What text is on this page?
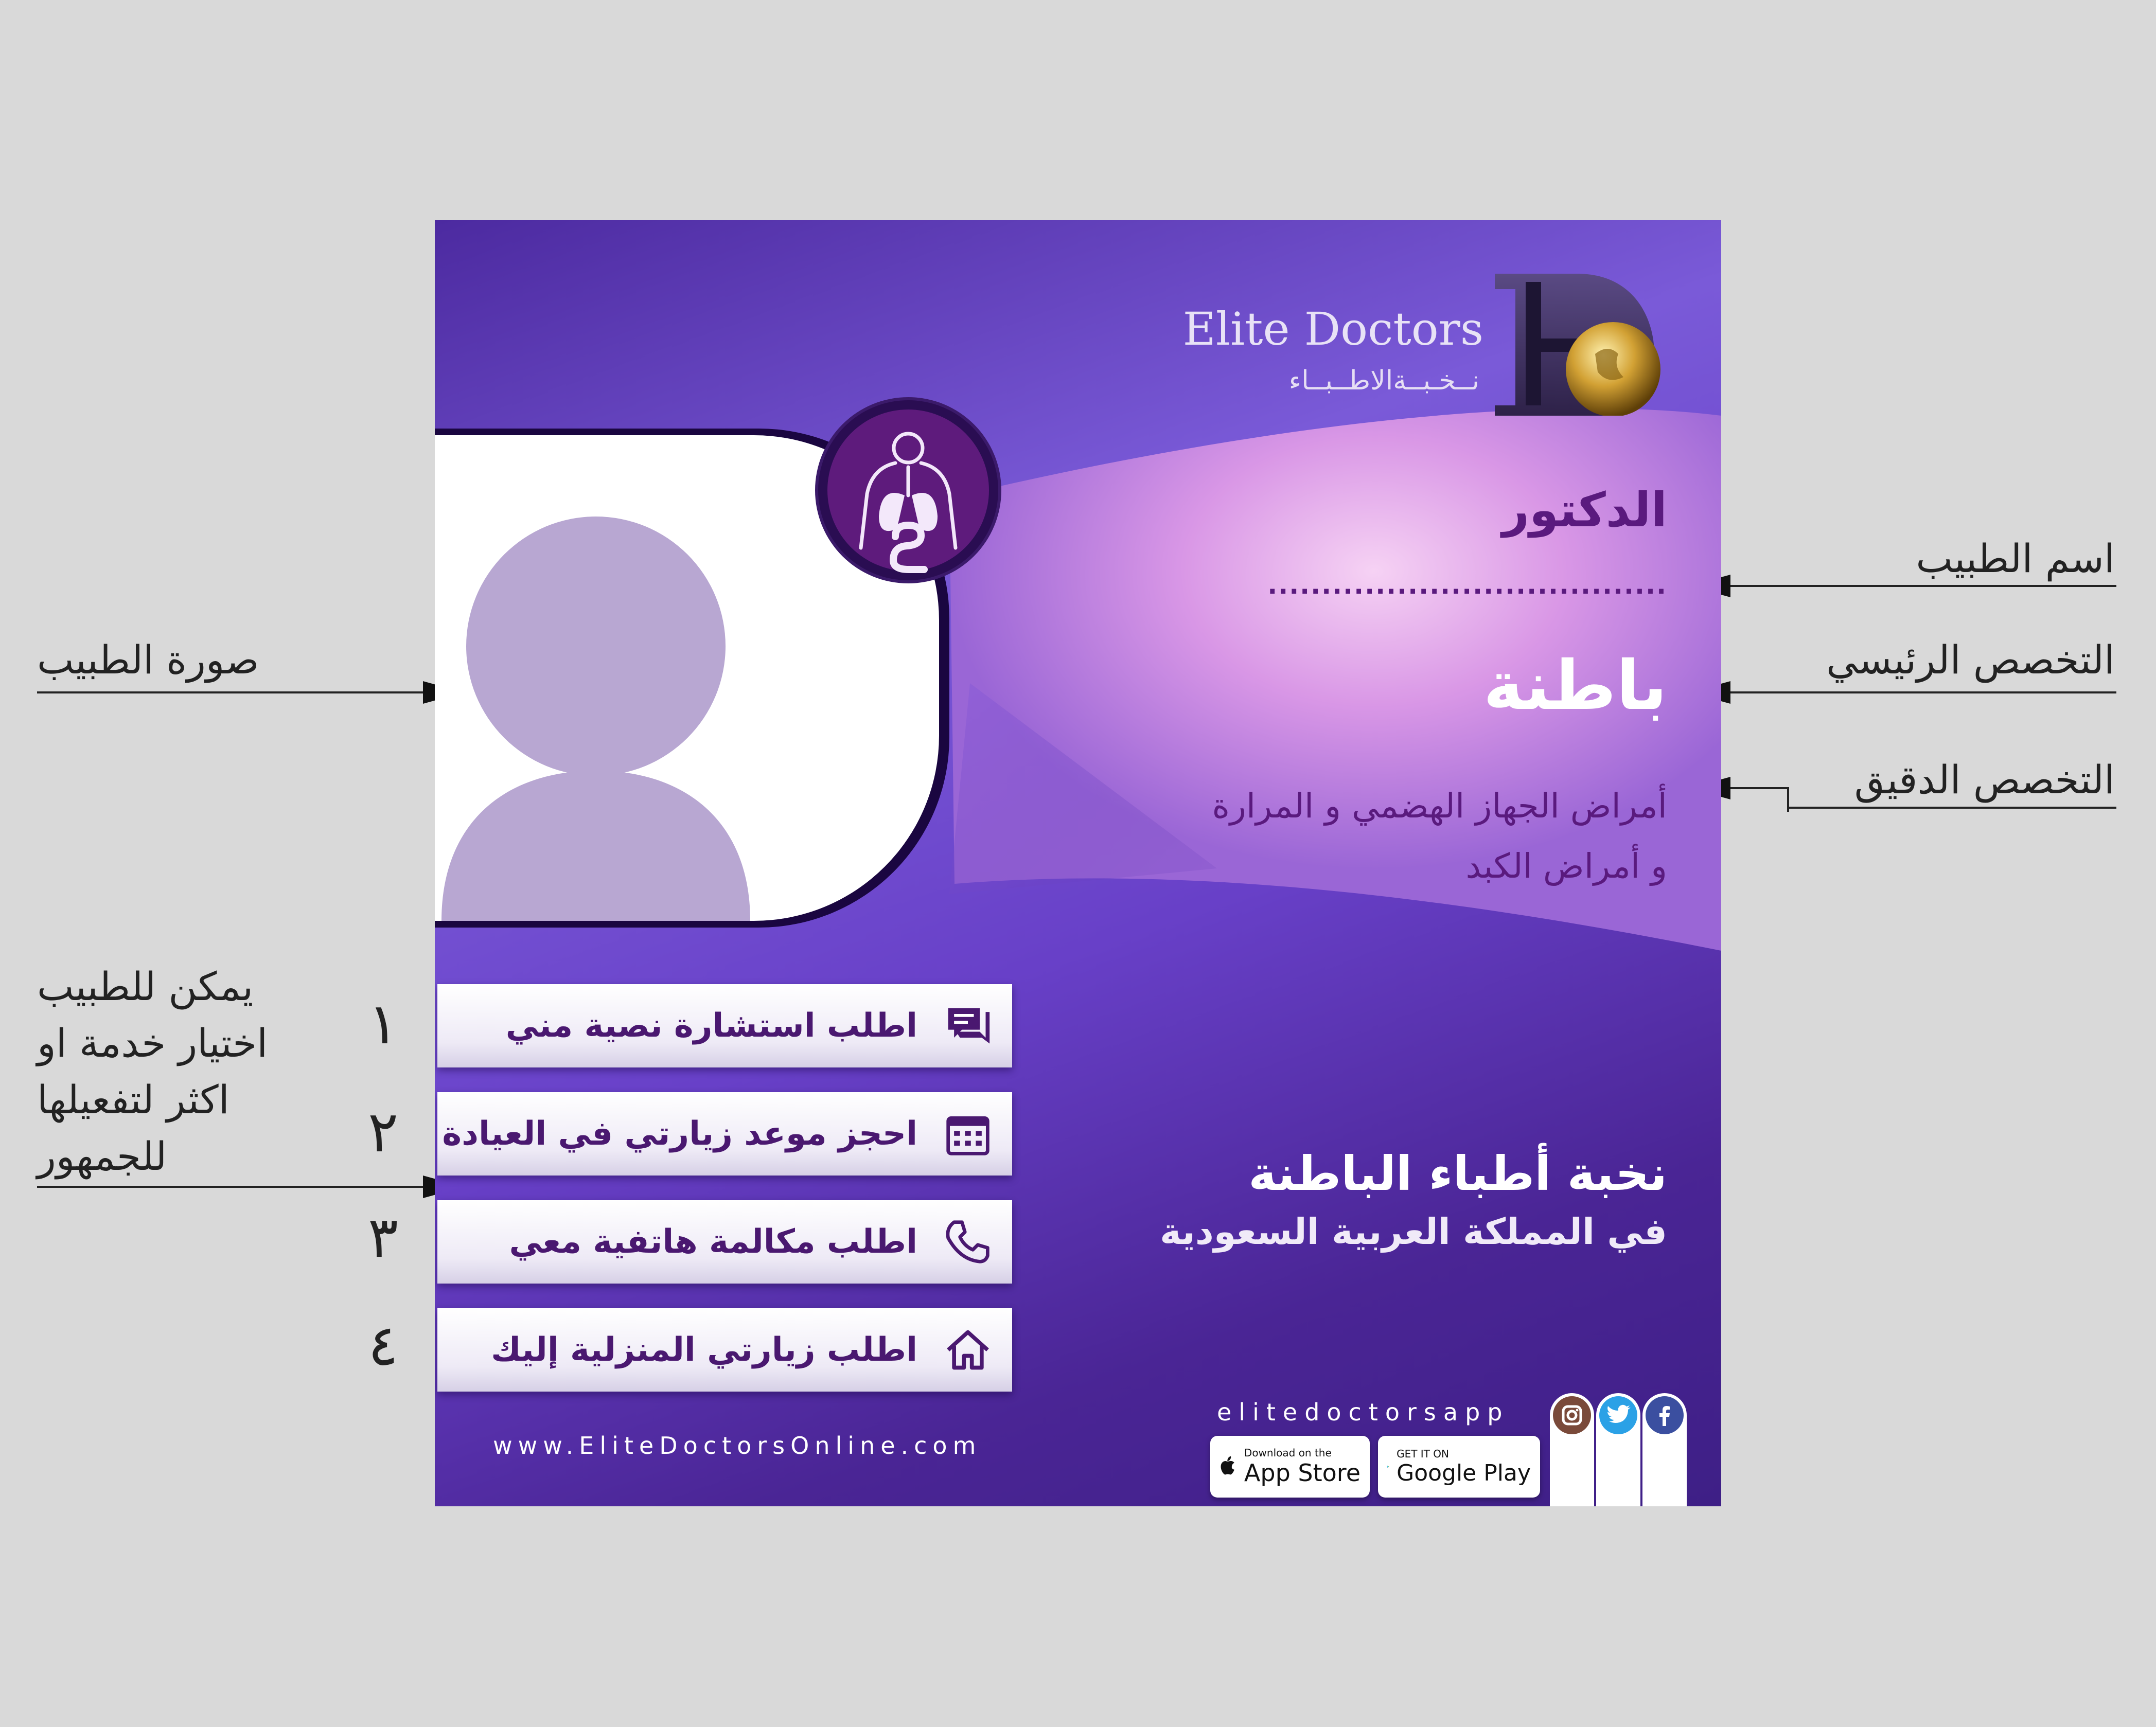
اسم الطبيب
التخصص الرئيسي
التخصص الدقيق
صورة الطبيب
يمكن للطبيب
اختيار خدمة او
اكثر لتفعيلها
للجمهور
١
٢
٣
٤
Elite Doctors
نــخـبــةالاطــبــاء
الدكتور
.....................................
باطنة
أمراض الجهاز الهضمي و المرارة
و أمراض الكبد
اطلب استشارة نصية مني
احجز موعد زيارتي في العيادة
اطلب مكالمة هاتفية معي
اطلب زيارتي المنزلية إليك
نخبة أطباء الباطنة
في المملكة العربية السعودية
www.EliteDoctorsOnline.com
elitedoctorsapp
Download on the
App Store
GET IT ON
Google Play
